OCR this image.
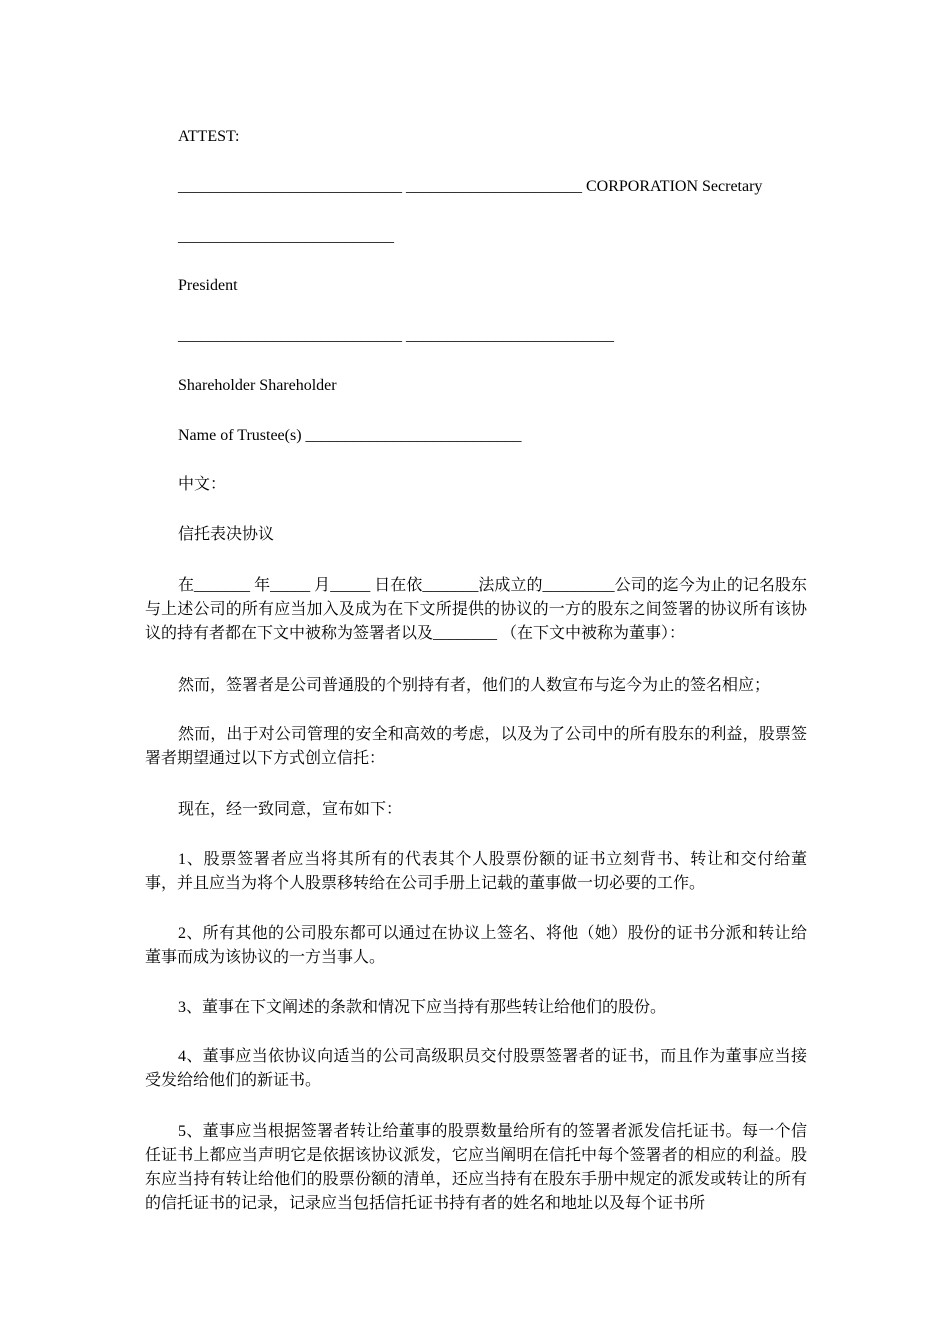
ATTEST:
____________________________ ______________________ CORPORATION Secretary
___________________________
President
____________________________ __________________________
Shareholder Shareholder
Name of Trustee(s) ___________________________
中文：
信托表决协议

在_______ 年_____ 月_____ 日在依_______法成立的_________公司的迄今为止的记名股东与上述公司的所有应当加入及成为在下文所提供的协议的一方的股东之间签署的协议所有该协议的持有者都在下文中被称为签署者以及________ （在下文中被称为董事）：

然而，签署者是公司普通股的个别持有者，他们的人数宣布与迄今为止的签名相应；

然而，出于对公司管理的安全和高效的考虑，以及为了公司中的所有股东的利益，股票签署者期望通过以下方式创立信托：

现在，经一致同意，宣布如下：

1、股票签署者应当将其所有的代表其个人股票份额的证书立刻背书、转让和交付给董事，并且应当为将个人股票移转给在公司手册上记载的董事做一切必要的工作。

2、所有其他的公司股东都可以通过在协议上签名、将他（她）股份的证书分派和转让给董事而成为该协议的一方当事人。

3、董事在下文阐述的条款和情况下应当持有那些转让给他们的股份。

4、董事应当依协议向适当的公司高级职员交付股票签署者的证书，而且作为董事应当接受发给给他们的新证书。

5、董事应当根据签署者转让给董事的股票数量给所有的签署者派发信托证书。每一个信任证书上都应当声明它是依据该协议派发，它应当阐明在信托中每个签署者的相应的利益。股东应当持有转让给他们的股票份额的清单，还应当持有在股东手册中规定的派发或转让的所有的信托证书的记录，记录应当包括信托证书持有者的姓名和地址以及每个证书所
